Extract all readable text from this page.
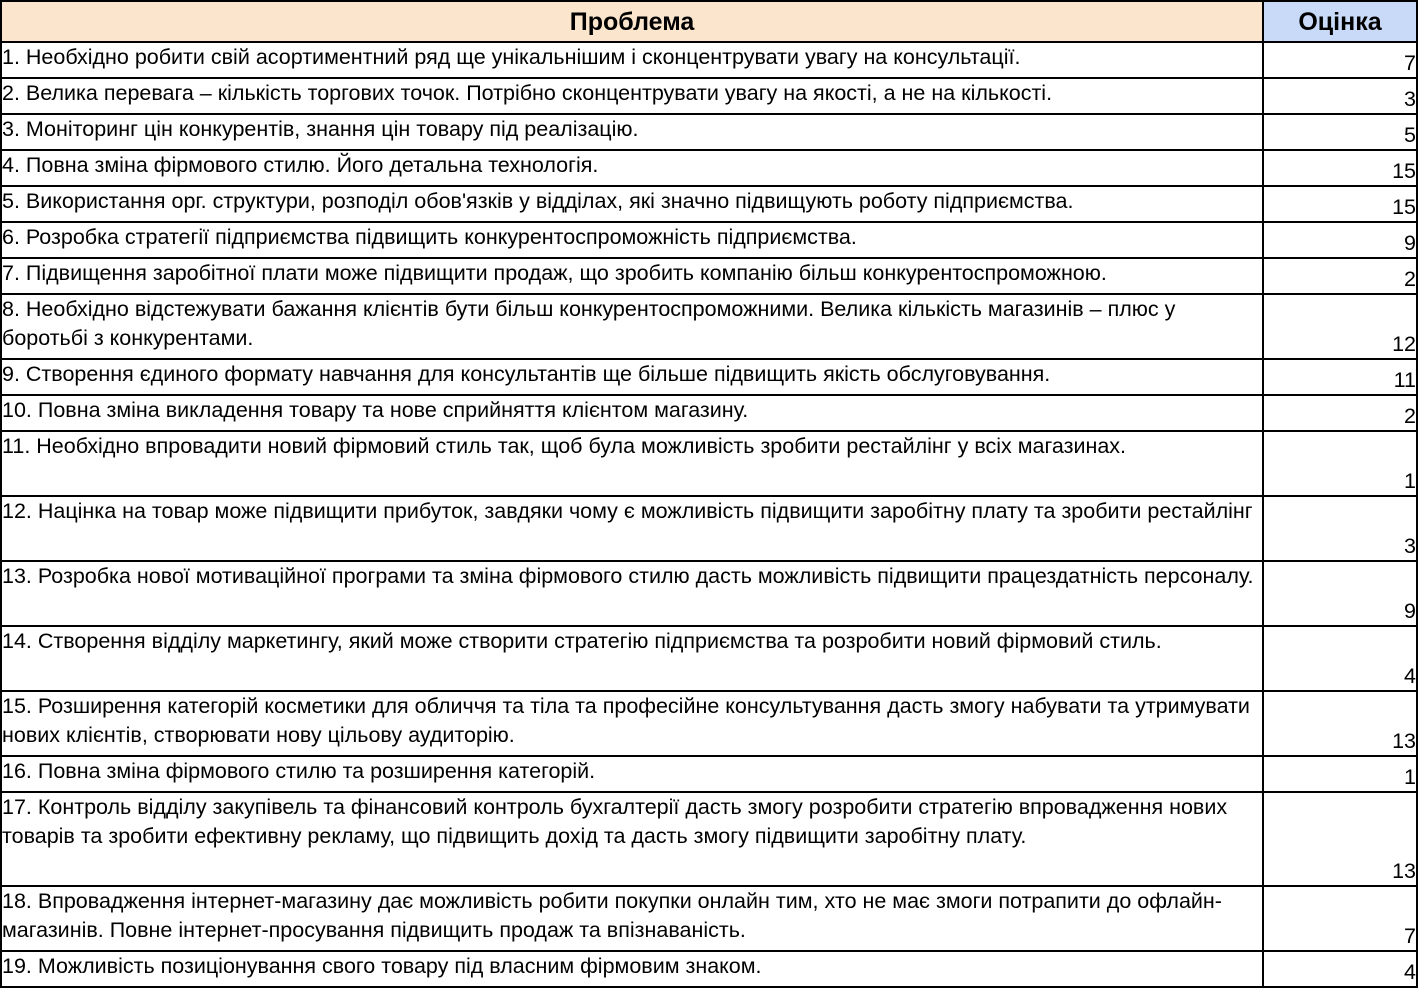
Проблема	Оцінка
1. Необхідно робити свій асортиментний ряд ще унікальнішим і сконцентрувати увагу на консультації.	7
2. Велика перевага – кількість торгових точок. Потрібно сконцентрувати увагу на якості, а не на кількості.	3
3. Моніторинг цін конкурентів, знання цін товару під реалізацію.	5
4. Повна зміна фірмового стилю. Його детальна технологія.	15
5. Використання орг. структури, розподіл обов'язків у відділах, які значно підвищують роботу підприємства.	15
6. Розробка стратегії підприємства підвищить конкурентоспроможність підприємства.	9
7. Підвищення заробітної плати може підвищити продаж, що зробить компанію більш конкурентоспроможною.	2
8. Необхідно відстежувати бажання клієнтів бути більш конкурентоспроможними. Велика кількість магазинів – плюс у боротьбі з конкурентами.	12
9. Створення єдиного формату навчання для консультантів ще більше підвищить якість обслуговування.	11
10. Повна зміна викладення товару та нове сприйняття клієнтом магазину.	2
11. Необхідно впровадити новий фірмовий стиль так, щоб була можливість зробити рестайлінг у всіх магазинах.	1
12. Націнка на товар може підвищити прибуток, завдяки чому є можливість підвищити заробітну плату та зробити рестайлінг	3
13. Розробка нової мотиваційної програми та зміна фірмового стилю дасть можливість підвищити працездатність персоналу.	9
14. Створення відділу маркетингу, який може створити стратегію підприємства та розробити новий фірмовий стиль.	4
15. Розширення категорій косметики для обличчя та тіла та професійне консультування дасть змогу набувати та утримувати нових клієнтів, створювати нову цільову аудиторію.	13
16. Повна зміна фірмового стилю та розширення категорій.	1
17. Контроль відділу закупівель та фінансовий контроль бухгалтерії дасть змогу розробити стратегію впровадження нових товарів та зробити ефективну рекламу, що підвищить дохід та дасть змогу підвищити заробітну плату.	13
18. Впровадження інтернет-магазину дає можливість робити покупки онлайн тим, хто не має змоги потрапити до офлайн-магазинів. Повне інтернет-просування підвищить продаж та впізнаваність.	7
19. Можливість позиціонування свого товару під власним фірмовим знаком.	4
